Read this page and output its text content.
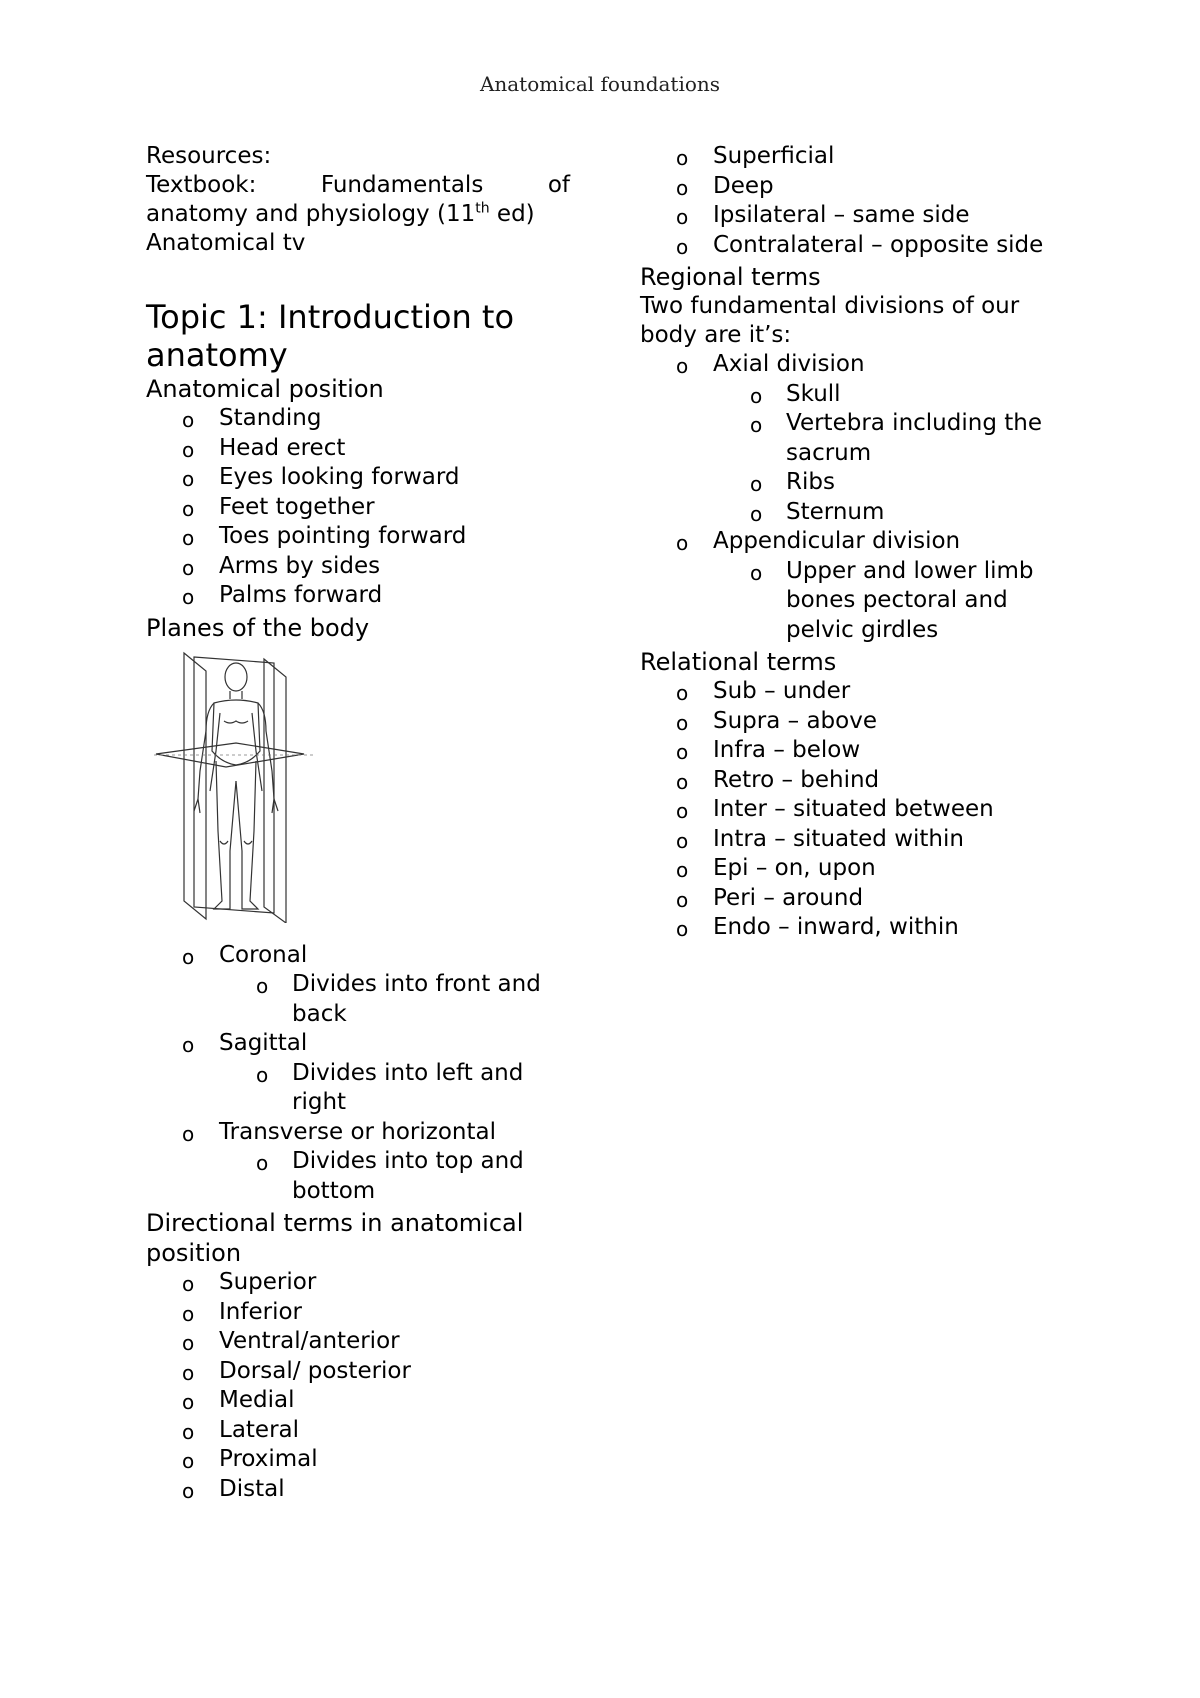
Anatomical foundations

Resources:

Textbook:	Fundamentals	of

anatomy and physiology (11th ed)

Anatomical tv

Topic 1: Introduction to anatomy
Anatomical position
o Standing
o Head erect
o Eyes looking forward
o Feet together
o Toes pointing forward
o Arms by sides
o Palms forward
Planes of the body
o Coronal
o Divides into front and back
o Sagittal
o Divides into left and right
o Transverse or horizontal
o Divides into top and bottom
Directional terms in anatomical position
o Superior
o Inferior
o Ventral/anterior
o Dorsal/ posterior
o Medial
o Lateral
o Proximal
o Distal
o Superficial
o Deep
o Ipsilateral – same side
o Contralateral – opposite side
Regional terms

Two fundamental divisions of our body are it’s:

o Axial division
o Skull
o Vertebra including the sacrum
o Ribs
o Sternum
o Appendicular division
o Upper and lower limb bones pectoral and pelvic girdles
Relational terms
o Sub – under
o Supra – above
o Infra – below
o Retro – behind
o Inter – situated between
o Intra – situated within
o Epi – on, upon
o Peri – around
o Endo – inward, within
